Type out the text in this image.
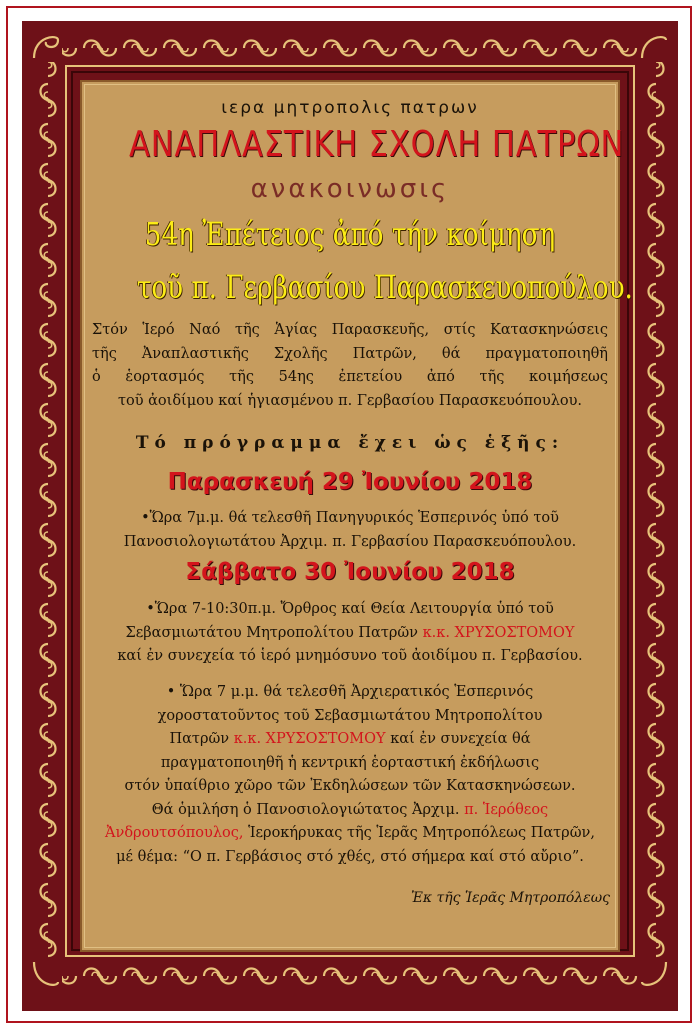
ιερα μητροπολις πατρων
ΑΝΑΠΛΑΣΤΙΚΗ ΣΧΟΛΗ ΠΑΤΡΩΝ
ανακοινωσις
54η Ἐπέτειος ἀπό τήν κοίμηση
τοῦ π. Γερβασίου Παρασκευοπούλου.
Στόν Ἱερό Ναό τῆς Ἁγίας Παρασκευῆς, στίς Κατασκηνώσεις
τῆς Ἀναπλαστικῆς Σχολῆς Πατρῶν, θά πραγματοποιηθῆ
ὁ ἑορτασμός τῆς 54ης ἐπετείου ἀπό τῆς κοιμήσεως
τοῦ ἀοιδίμου καί ἡγιασμένου π. Γερβασίου Παρασκευόπουλου.
Τό πρόγραμμα ἔχει ὡς ἑξῆς:
Παρασκευή 29 Ἰουνίου 2018
•Ὥρα 7μ.μ. θά τελεσθῆ Πανηγυρικός Ἑσπερινός ὑπό τοῦ
Πανοσιολογιωτάτου Ἀρχιμ. π. Γερβασίου Παρασκευόπουλου.
Σάββατο 30 Ἰουνίου 2018
•Ὥρα 7-10:30π.μ. Ὄρθρος καί Θεία Λειτουργία ὑπό τοῦ
Σεβασμιωτάτου Μητροπολίτου Πατρῶν κ.κ. ΧΡΥΣΟΣΤΟΜΟΥ
καί ἐν συνεχεία τό ἱερό μνημόσυνο τοῦ ἀοιδίμου π. Γερβασίου.
• Ὥρα 7 μ.μ. θά τελεσθῆ Ἀρχιερατικός Ἑσπερινός
χοροστατοῦντος τοῦ Σεβασμιωτάτου Μητροπολίτου
Πατρῶν κ.κ. ΧΡΥΣΟΣΤΟΜΟΥ καί ἐν συνεχεία θά
πραγματοποιηθῆ ἡ κεντρική ἑορταστική ἐκδήλωσις
στόν ὑπαίθριο χῶρο τῶν Ἐκδηλώσεων τῶν Κατασκηνώσεων.
Θά ὁμιλήση ὁ Πανοσιολογιώτατος Ἀρχιμ. π. Ἱερόθεος
Ἀνδρουτσόπουλος, Ἱεροκήρυκας τῆς Ἱερᾶς Μητροπόλεως Πατρῶν,
μέ θέμα: “Ο π. Γερβάσιος στό χθές, στό σήμερα καί στό αὔριο”.
Ἐκ τῆς Ἱερᾶς Μητροπόλεως
